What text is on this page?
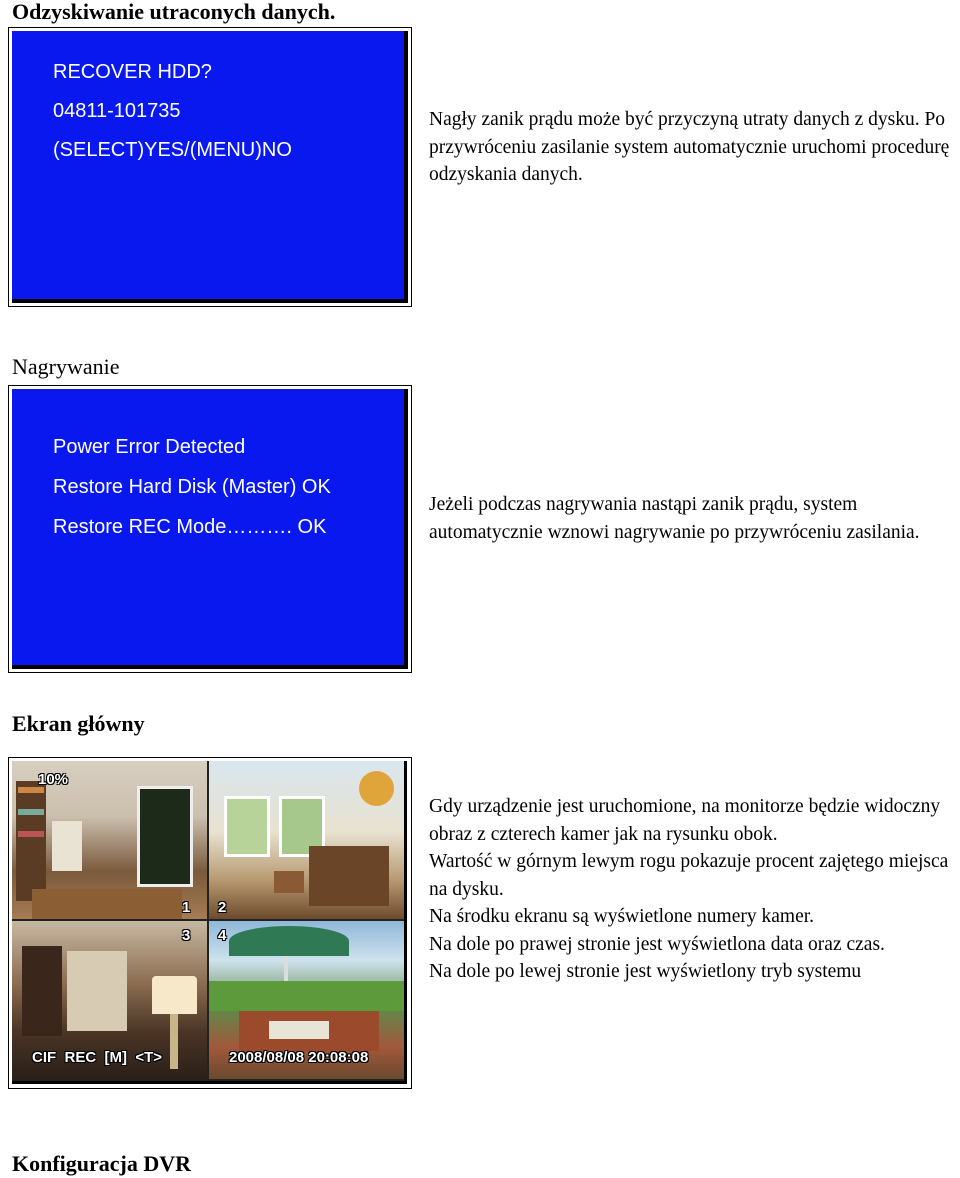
Odzyskiwanie utraconych danych.
RECOVER HDD?
04811-101735
(SELECT)YES/(MENU)NO

Nagły zanik prądu może być przyczyną utraty danych z dysku. Po przywróceniu zasilanie system automatycznie uruchomi procedurę odzyskania danych.

Nagrywanie
Power Error Detected
Restore Hard Disk (Master) OK
Restore REC Mode………. OK

Jeżeli podczas nagrywania nastąpi zanik prądu, system automatycznie wznowi nagrywanie po przywróceniu zasilania.

Ekran główny
10%
1 2
3 4
CIF  REC  [M]  <T>	2008/08/08 20:08:08

Gdy urządzenie jest uruchomione, na monitorze będzie widoczny obraz z czterech kamer jak na rysunku obok.

Wartość w górnym lewym rogu pokazuje procent zajętego miejsca na dysku.

Na środku ekranu są wyświetlone numery kamer.

Na dole po prawej stronie jest wyświetlona data oraz czas.

Na dole po lewej stronie jest wyświetlony tryb systemu

Konfiguracja DVR
